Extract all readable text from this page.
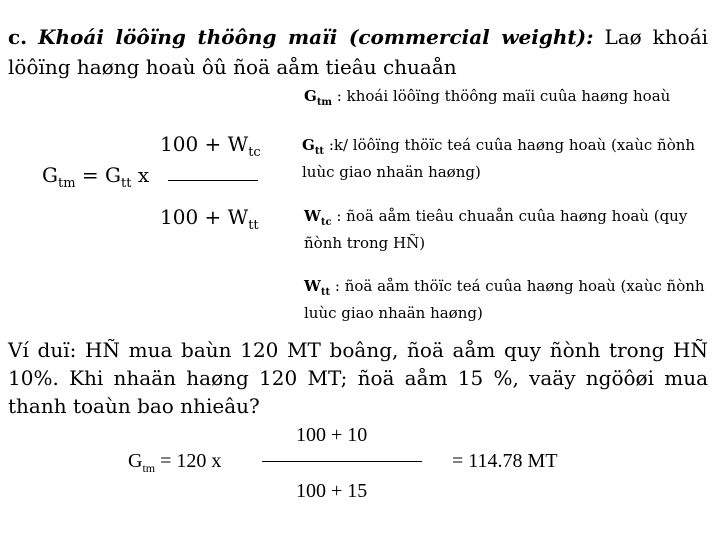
c. Khoái löôïng thöông maïi (commercial weight): Laø khoái löôïng haøng hoaù ôû ñoä aåm tieâu chuaån
$G_{tm}$ : khoái löôïng thöông maïi cuûa haøng hoaù
$G_{tm} = G_{tt}$ x
$100 + W_{tc}$
$100 + W_{tt}$
$G_{tt}$ :k/ löôïng thöïc teá cuûa haøng hoaù (xaùc ñònh luùc giao nhaän haøng)
$W_{tc}$ : ñoä aåm tieâu chuaån cuûa haøng hoaù (quy ñònh trong HÑ)
$W_{tt}$ : ñoä aåm thöïc teá cuûa haøng hoaù (xaùc ñònh luùc giao nhaän haøng)
Ví duï: HÑ mua baùn 120 MT boâng, ñoä aåm quy ñònh trong HÑ 10%. Khi nhaän haøng 120 MT; ñoä aåm 15 %, vaäy ngöôøi mua thanh toaùn bao nhieâu?
$G_{tm} = 120$ x
100 + 10
100 + 15
= 114.78 MT
